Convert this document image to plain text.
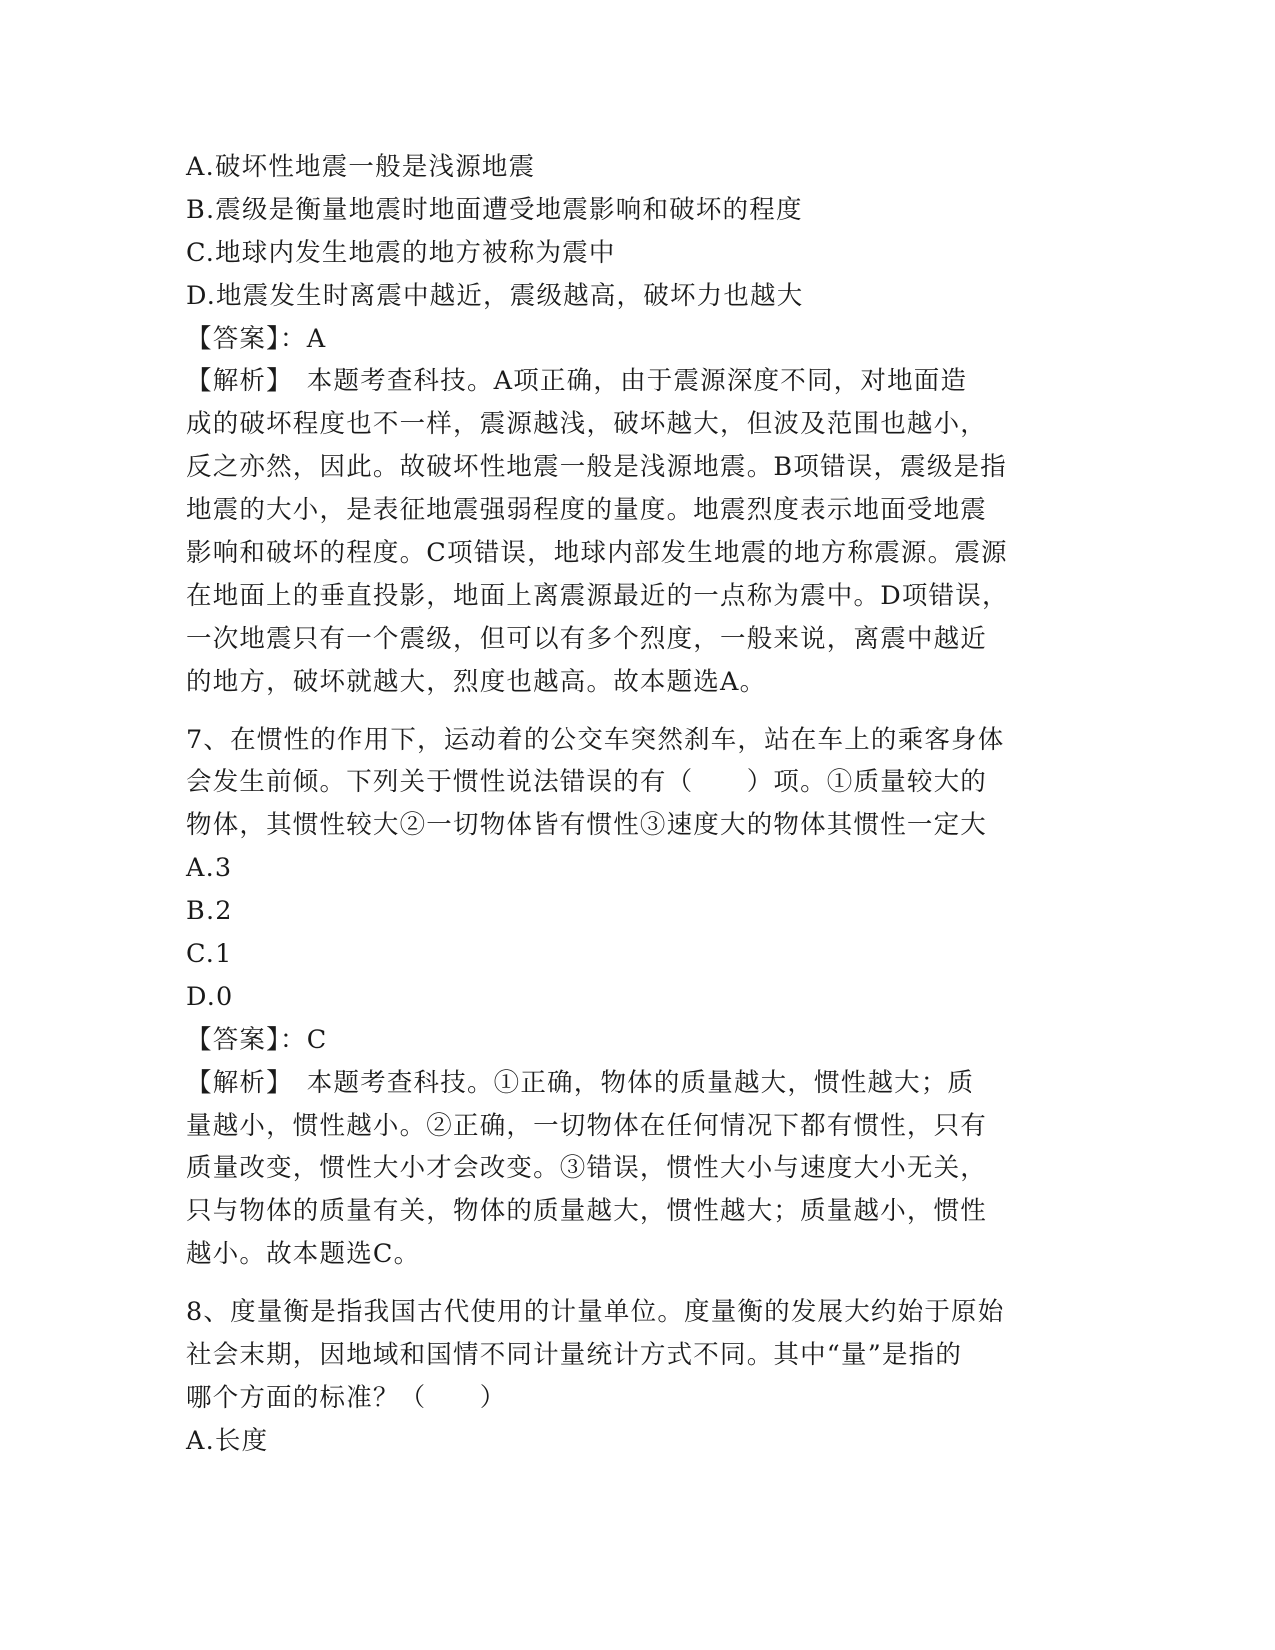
A.破坏性地震一般是浅源地震
B.震级是衡量地震时地面遭受地震影响和破坏的程度
C.地球内发生地震的地方被称为震中
D.地震发生时离震中越近，震级越高，破坏力也越大
【答案】：A
【解析】　本题考查科技。A项正确，由于震源深度不同，对地面造
成的破坏程度也不一样，震源越浅，破坏越大，但波及范围也越小，
反之亦然，因此。故破坏性地震一般是浅源地震。B项错误，震级是指
地震的大小，是表征地震强弱程度的量度。地震烈度表示地面受地震
影响和破坏的程度。C项错误，地球内部发生地震的地方称震源。震源
在地面上的垂直投影，地面上离震源最近的一点称为震中。D项错误，
一次地震只有一个震级，但可以有多个烈度，一般来说，离震中越近
的地方，破坏就越大，烈度也越高。故本题选A。
7、在惯性的作用下，运动着的公交车突然刹车，站在车上的乘客身体
会发生前倾。下列关于惯性说法错误的有（　　）项。①质量较大的
物体，其惯性较大②一切物体皆有惯性③速度大的物体其惯性一定大
A.3
B.2
C.1
D.0
【答案】：C
【解析】　本题考查科技。①正确，物体的质量越大，惯性越大；质
量越小，惯性越小。②正确，一切物体在任何情况下都有惯性，只有
质量改变，惯性大小才会改变。③错误，惯性大小与速度大小无关，
只与物体的质量有关，物体的质量越大，惯性越大；质量越小，惯性
越小。故本题选C。
8、度量衡是指我国古代使用的计量单位。度量衡的发展大约始于原始
社会末期，因地域和国情不同计量统计方式不同。其中“量”是指的
哪个方面的标准？（　　）
A.长度
